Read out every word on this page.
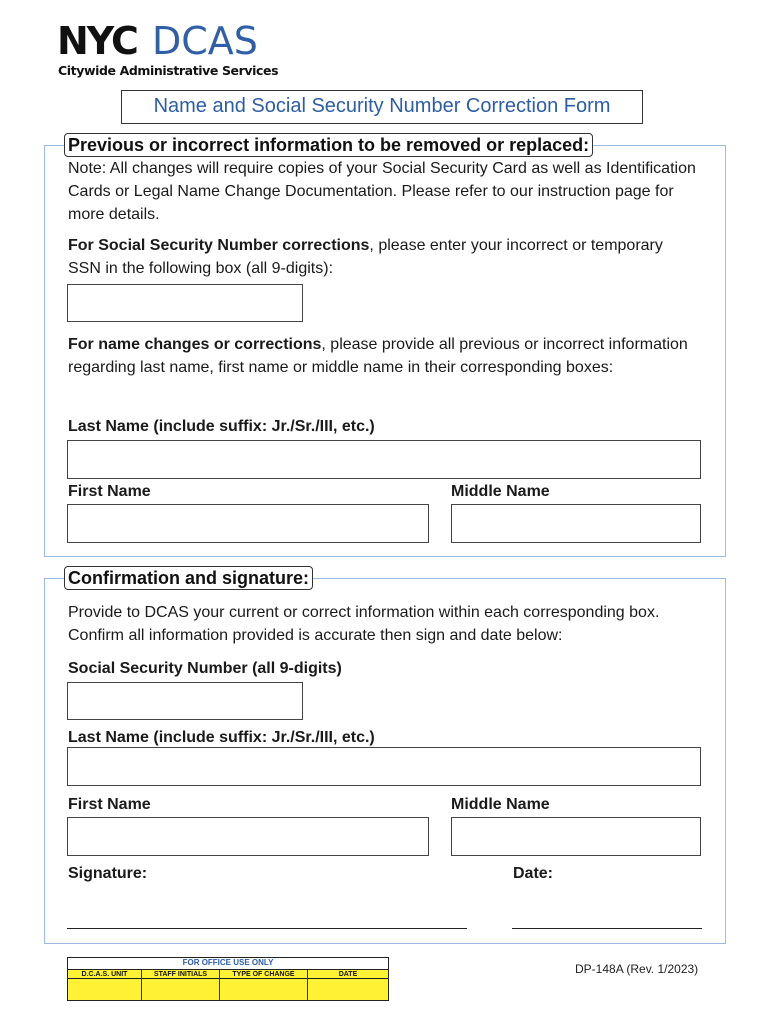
NYC DCAS
Citywide Administrative Services
Name and Social Security Number Correction Form
Previous or incorrect information to be removed or replaced:
Note: All changes will require copies of your Social Security Card as well as Identification Cards or Legal Name Change Documentation. Please refer to our instruction page for more details.
For Social Security Number corrections, please enter your incorrect or temporary SSN in the following box (all 9-digits):
For name changes or corrections, please provide all previous or incorrect information regarding last name, first name or middle name in their corresponding boxes:
Last Name (include suffix: Jr./Sr./III, etc.)
First Name	Middle Name
Confirmation and signature:
Provide to DCAS your current or correct information within each corresponding box. Confirm all information provided is accurate then sign and date below:
Social Security Number (all 9-digits)
Last Name (include suffix: Jr./Sr./III, etc.)
First Name	Middle Name
Signature:	Date:
FOR OFFICE USE ONLY
D.C.A.S. UNIT	STAFF INITIALS	TYPE OF CHANGE	DATE	DP-148A (Rev. 1/2023)
